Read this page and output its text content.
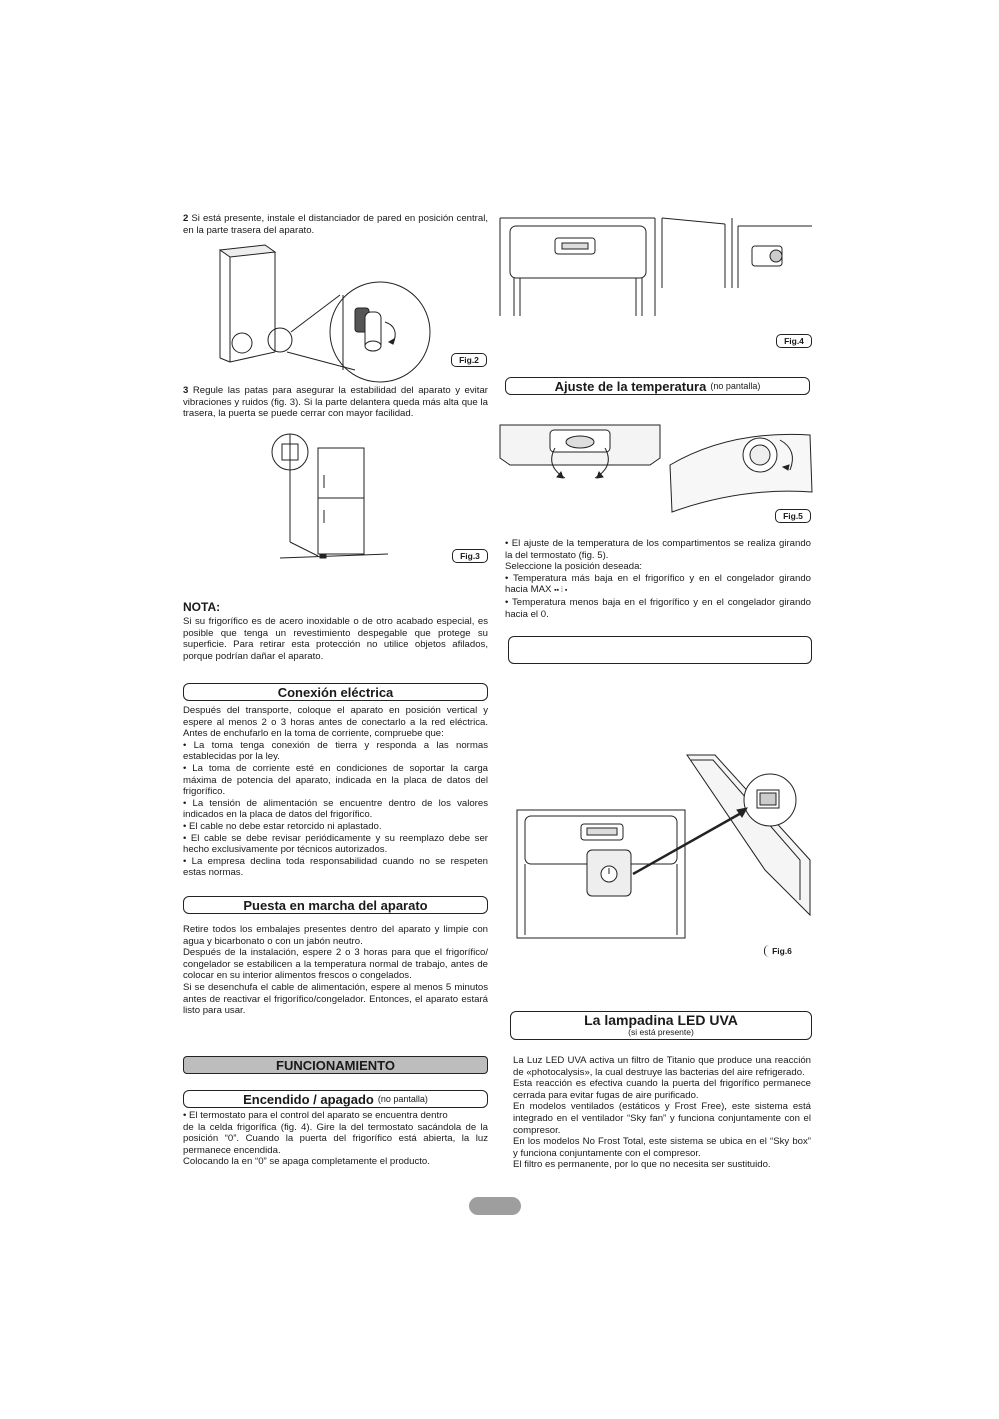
2 Si está presente, instale el distanciador de pared en posición central, en la parte trasera del aparato.

Fig.2

3 Regule las patas para asegurar la estabilidad del aparato y evitar vibraciones y ruidos (fig. 3). Si la parte delantera queda más alta que la trasera, la puerta se puede cerrar con mayor facilidad.

Fig.3
NOTA:
Si su frigorífico es de acero inoxidable o de otro acabado especial, es posible que tenga un revestimiento despegable que protege su superficie. Para retirar esta protección no utilice objetos afilados, porque podrían dañar el aparato.
Conexión eléctrica

Después del transporte, coloque el aparato en posición vertical y espere al menos 2 o 3 horas antes de conectarlo a la red eléctrica. Antes de enchufarlo en la toma de corriente, compruebe que:

• La toma tenga conexión de tierra y responda a las normas establecidas por la ley.

• La toma de corriente esté en condiciones de soportar la carga máxima de potencia del aparato, indicada en la placa de datos del frigorífico.

• La tensión de alimentación se encuentre dentro de los valores indicados en la placa de datos del frigorífico.

• El cable no debe estar retorcido ni aplastado.

• El cable se debe revisar periódicamente y su reemplazo debe ser hecho exclusivamente por técnicos autorizados.

• La empresa declina toda responsabilidad cuando no se respeten estas normas.

Puesta en marcha del aparato

Retire todos los embalajes presentes dentro del aparato y limpie con agua y bicarbonato o con un jabón neutro.

Después de la instalación, espere 2 o 3 horas para que el frigorífico/ congelador se estabilicen a la temperatura normal de trabajo, antes de colocar en su interior alimentos frescos o congelados.

Si se desenchufa el cable de alimentación, espere al menos 5 minutos antes de reactivar el frigorífico/congelador. Entonces, el aparato estará listo para usar.

FUNCIONAMIENTO
Encendido / apagado (no pantalla)

• El termostato para el control del aparato se encuentra dentro

de la celda frigorífica (fig. 4). Gire la del termostato sacándola de la posición “0”. Cuando la puerta del frigorífico está abierta, la luz permanece encendida.

Colocando la en “0” se apaga completamente el producto.

Fig.4
Ajuste de la temperatura (no pantalla)
Fig.5

• El ajuste de la temperatura de los compartimentos se realiza girando la del termostato (fig. 5).

Seleccione la posición deseada:

• Temperatura más baja en el frigorífico y en el congelador girando hacia MAX ▪▪ ⁞ ▪

• Temperatura menos baja en el frigorífico y en el congelador girando hacia el 0.

Fig.6
La lampadina LED UVA
(si está presente)

La Luz LED UVA activa un filtro de Titanio que produce una reacción de «photocalysis», la cual destruye las bacterias del aire refrigerado.

Esta reacción es efectiva cuando la puerta del frigorífico permanece cerrada para evitar fugas de aire purificado.

En modelos ventilados (estáticos y Frost Free), este sistema está integrado en el ventilador “Sky fan” y funciona conjuntamente con el compresor.

En los modelos No Frost Total, este sistema se ubica en el “Sky box” y funciona conjuntamente con el compresor.

El filtro es permanente, por lo que no necesita ser sustituido.
